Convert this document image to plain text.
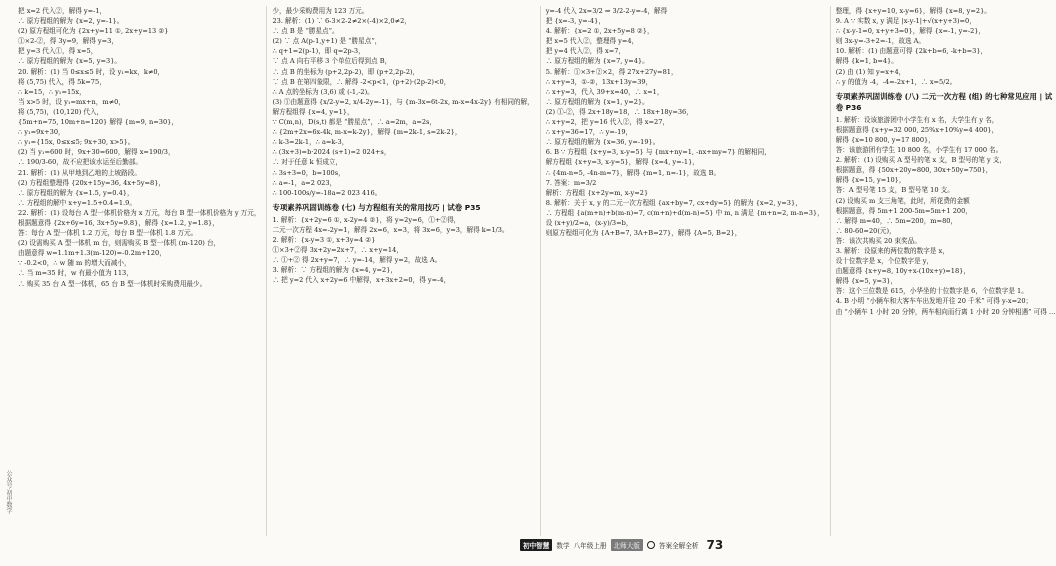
把 x=2 代入②，解得 y=-1，
∴ 原方程组的解为 {x=2, y=-1}。
(2) 原方程组可化为 {2x+y=11 ①, 2x+y=13 ②}
①×2-②，得 3y=9，解得 y=3，
把 y=3 代入①，得 x=5，
∴ 原方程组的解为 {x=5, y=3}。
20. 解析：(1) 当 0≤x≤5 时，设 y₁=kx，k≠0，
将 (5,75) 代入，得 5k=75，
∴ k=15，∴ y₁=15x，
当 x>5 时，设 y₁=mx+n，m≠0，
将 (5,75)，(10,120) 代入，
{5m+n=75, 10m+n=120} 解得 {m=9, n=30}，
∴ y₁=9x+30，
∴ y₁={15x, 0≤x≤5; 9x+30, x>5}。
(2) 当 y₁=600 时，9x+30=600，解得 x=190/3，
∴ 190/3-60，故不应把该水运至后勤部。
21. 解析：(1) 从甲地到乙地的上坡路段。
(2) 方程组整理得 {20x+15y=36, 4x+5y=8}，
∴ 原方程组的解为 {x=1.5, y=0.4}，
∴ 方程组的解中 x+y=1.5+0.4=1.9。
22. 解析：(1) 设每台 A 型一体机价格为 x 万元，每台 B 型一体机价格为 y 万元，
根据题意得 {2x+6y=16, 3x+5y=9.8}，解得 {x=1.2, y=1.8}，
答：每台 A 型一体机 1.2 万元，每台 B 型一体机 1.8 万元。
(2) 设需购买 A 型一体机 m 台，则需购买 B 型一体机 (m-120) 台，
由题意得 w=1.1m+1.3(m-120)=-0.2m+120，
∵ -0.2<0，∴ w 随 m 的增大而减小，
∴ 当 m=35 时，w 有最小值为 113，
∴ 购买 35 台 A 型一体机，65 台 B 型一体机时采购费用最少。
少，最少采购费用为 123 万元。
23. 解析：(1) ∵ 6-3×2-2≠2×(-4)×2,0≠2，
∴ 点 B 是 “勝星点”。
(2) ∵ 点 A(p-1,y+1) 是 “勝星点”，
∴ q+1=2(p-1)，即 q=2p-3，
∵ 点 A 向右平移 3 个单位后得到点 B，
∴ 点 B 的坐标为 (p+2,2p-2)，即 (p+2,2p-2)，
∵ 点 B 在第四象限，∴ 解得 -2<p<1，(p+2)·(2p-2)<0，
∴ A 点的坐标为 (3,6) 或 (-1,-2)。
(3) ①由题意得 {x/2-y=2, x/4-2y=-1}，与 {m-3x=6t-2x, m-x=4x-2y} 有相同的解，
解方程组得 {x=4, y=1}，
∵ C(m,n)，D(s,t) 都是 “勝星点”，∴ a=2m，a=2s，
∴ {2m+2x=6x-4k, m-x=k-2y}，解得 {m=2k-1, s=2k-2}，
∴ k-3=2k-1，∴ a=k-3，
∴ (3x+3)=b·2024 (s+1)=2 024+s，
∴ 对于任意 k 恒成立，
∴ 3s+3=0，b=100s，
∴ a=-1，a=2 023，
∴ 100-100s/y=-18a=2 023 416。
专项素养巩固训练卷 (七) 与方程组有关的常用技巧 | 试卷 P35
1. 解析：{x+2y=6 ①, x-2y=4 ②}，将 y=2y=6，①+②得，
二元一次方程 4x=-2y=1，解得 2x=6，x=3，将 3x=6，y=3，解得 k=1/3。
2. 解析：{x-y=3 ①, x+3y=4 ②}
①×3+②得 3x+2y=2x+7，∴ x+y=14，
∴ ①+② 得 2x+y=7，∴ y=-14，解得 y=2，故选 A。
3. 解析：∵ 方程组的解为 {x=4, y=2}，
∴ 把 y=2 代入 x+2y=6 中解得，x+3x+2=0，得 y=-4，
y=-4 代入 2x=3/2 ⇒ 3/2-2-y=-4，解得
把 {x=-3, y=-4}，
4. 解析：{x=2 ①, 2x+5y=8 ②}，
把 x=5 代入②，整理得 y=4，
把 y=4 代入②，得 x=7，
∴ 原方程组的解为 {x=7, y=4}。
5. 解析：①×3+②×2，得 27x+27y=81，
∴ x+y=3，①-②，13x+13y=39，
∴ x+y=3，代入 39+x=40，∴ x=1，
∴ 原方程组的解为 {x=1, y=2}。
(2) ①-②，得 2x+18y=18，∴ 18x+18y=36，
∴ x+y=2，把 y=16 代入②，得 x=27，
∴ x+y=36=17，∴ y=-19，
∴ 原方程组的解为 {x=36, y=-19}。
6. B ∵ 方程组 {x+y=3, x-y=5} 与 {mx+ny=1, -nx+my=7} 的解相同，
解方程组 {x+y=3, x-y=5}，解得 {x=4, y=-1}，
∴ {4m-n=5, -4n-m=7}，解得 {m=1, n=-1}，故选 B。
7. 答案：m=3/2
解析：方程组 {x+2y=m, x-y=2}
8. 解析：关于 x, y 的二元一次方程组 {ax+by=7, cx+dy=5} 的解为 {x=2, y=3}，
∴ 方程组 {a(m+n)+b(m-n)=7, c(m+n)+d(m-n)=5} 中 m, n 满足 {m+n=2, m-n=3}，
设 (x+y)/2=a，(x-y)/3=b，
则原方程组可化为 {A+B=7, 3A+B=27}，解得 {A=5, B=2}，
整理，得 {x+y=10, x-y=6}，解得 {x=8, y=2}。
9. A ∵ 实数 x, y 满足 |x-y-1|+√(x+y+3)=0，
∴ {x-y-1=0, x+y+3=0}，解得 {x=-1, y=-2}，
则 3x-y=-3+2=-1，故选 A。
10. 解析：(1) 由题意可得 {2k+b=6, -k+b=3}，
解得 {k=1, b=4}。
(2) 由 (1) 知 y=x+4，
∴ y 的值为 -4，-4=-2x+1，∴ x=5/2。
专项素养巩固训练卷 (八) 二元一次方程 (组) 的七种常见应用 | 试卷 P36
1. 解析：设该旅游团中小学生有 x 名，大学生有 y 名，
根据题意得 {x+y=32 000, 25%x+10%y=4 400}，
解得 {x=10 800, y=17 800}，
答：该旅游团有学生 10 800 名，小学生有 17 000 名。
2. 解析：(1) 设购买 A 型号的笔 x 支，B 型号的笔 y 支，
根据题意，得 {50x+20y=800, 30x+50y=750}，
解得 {x=15, y=10}，
答：A 型号笔 15 支，B 型号笔 10 支。
(2) 设购买 m 支三角笔，此时，所花费的金额
根据题意，得 5m+1 200-5m=5m+1 200，
∴ 解得 m=40，∴ 5m=200，m=80，
∴ 80-60=20(元)，
答：该次共购买 20 束奖品。
3. 解析：设原来的两位数的数字是 x，
设十位数字是 x，个位数字是 y，
由题意得 {x+y=8, 10y+x-(10x+y)=18}，
解得 {x=5, y=3}，
答：这个三位数是 615，小华坐的十位数字是 6，个位数字是 1。
4. B 小明 “小辆车和大客车车出发地开往 20 千米” 可得 y-x=20；
由 “小辆车 1 小时 20 分钟，两车相向而行离 1 小时 20 分钟相遇” 可得 …
公众号·初中数学
初中智慧	数学 八年级上册	北师大版	答案全解全析 73
